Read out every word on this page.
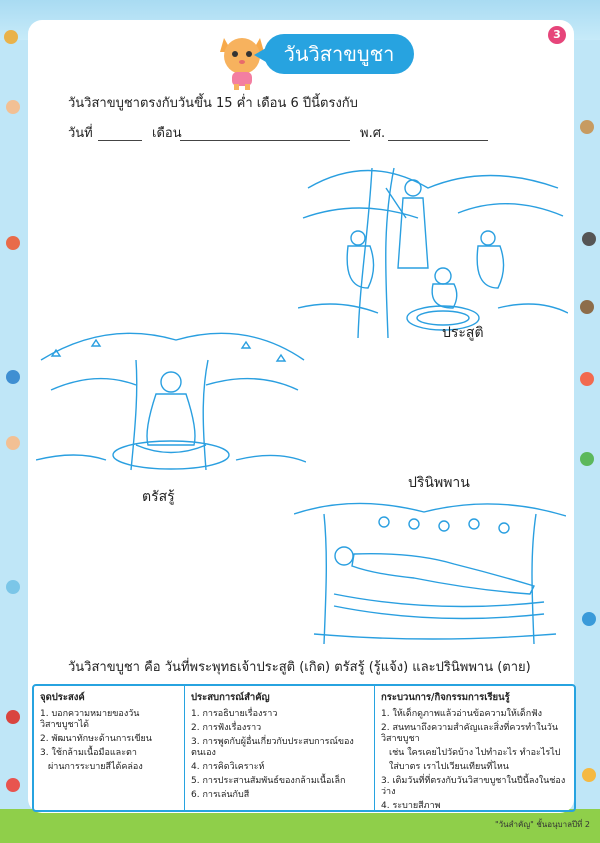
3
วันวิสาขบูชา
วันวิสาขบูชาตรงกับวันขึ้น 15 ค่ำ เดือน 6 ปีนี้ตรงกับ
วันที่	เดือน	พ.ศ.
ประสูติ
ตรัสรู้
ปรินิพพาน
วันวิสาขบูชา คือ วันที่พระพุทธเจ้าประสูติ (เกิด) ตรัสรู้ (รู้แจ้ง) และปรินิพพาน (ตาย)
จุดประสงค์
1. บอกความหมายของวันวิสาขบูชาได้
2. พัฒนาทักษะด้านการเขียน
3. ใช้กล้ามเนื้อมือและตา
ผ่านการระบายสีได้คล่อง
ประสบการณ์สำคัญ
1. การอธิบายเรื่องราว
2. การฟังเรื่องราว
3. การพูดกับผู้อื่นเกี่ยวกับประสบการณ์ของตนเอง
4. การคิดวิเคราะห์
5. การประสานสัมพันธ์ของกล้ามเนื้อเล็ก
6. การเล่นกับสี
กระบวนการ/กิจกรรมการเรียนรู้
1. ให้เด็กดูภาพแล้วอ่านข้อความให้เด็กฟัง
2. สนทนาถึงความสำคัญและสิ่งที่ควรทำในวันวิสาขบูชา
เช่น ใครเคยไปวัดบ้าง ไปทำอะไร ทำอะไรไป
ใส่บาตร เราไปเวียนเทียนที่ไหน
3. เติมวันที่ที่ตรงกับวันวิสาขบูชาในปีนี้ลงในช่องว่าง
4. ระบายสีภาพ
"วันสำคัญ" ชั้นอนุบาลปีที่ 2
